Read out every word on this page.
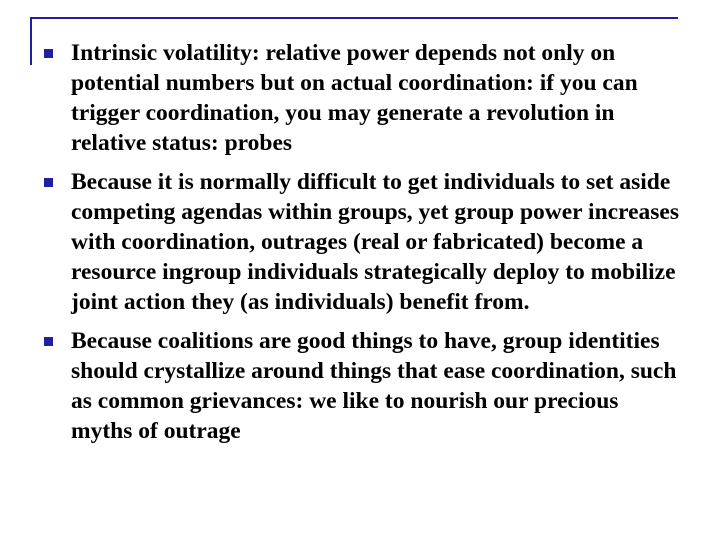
Intrinsic volatility: relative power depends not only on potential numbers but on actual coordination: if you can trigger coordination, you may generate a revolution in relative status: probes
Because it is normally difficult to get individuals to set aside competing agendas within groups, yet group power increases with coordination, outrages (real or fabricated) become a resource ingroup individuals strategically deploy to mobilize joint action they (as individuals) benefit from.
Because coalitions are good things to have, group identities should crystallize around things that ease coordination, such as common grievances: we like to nourish our precious myths of outrage
